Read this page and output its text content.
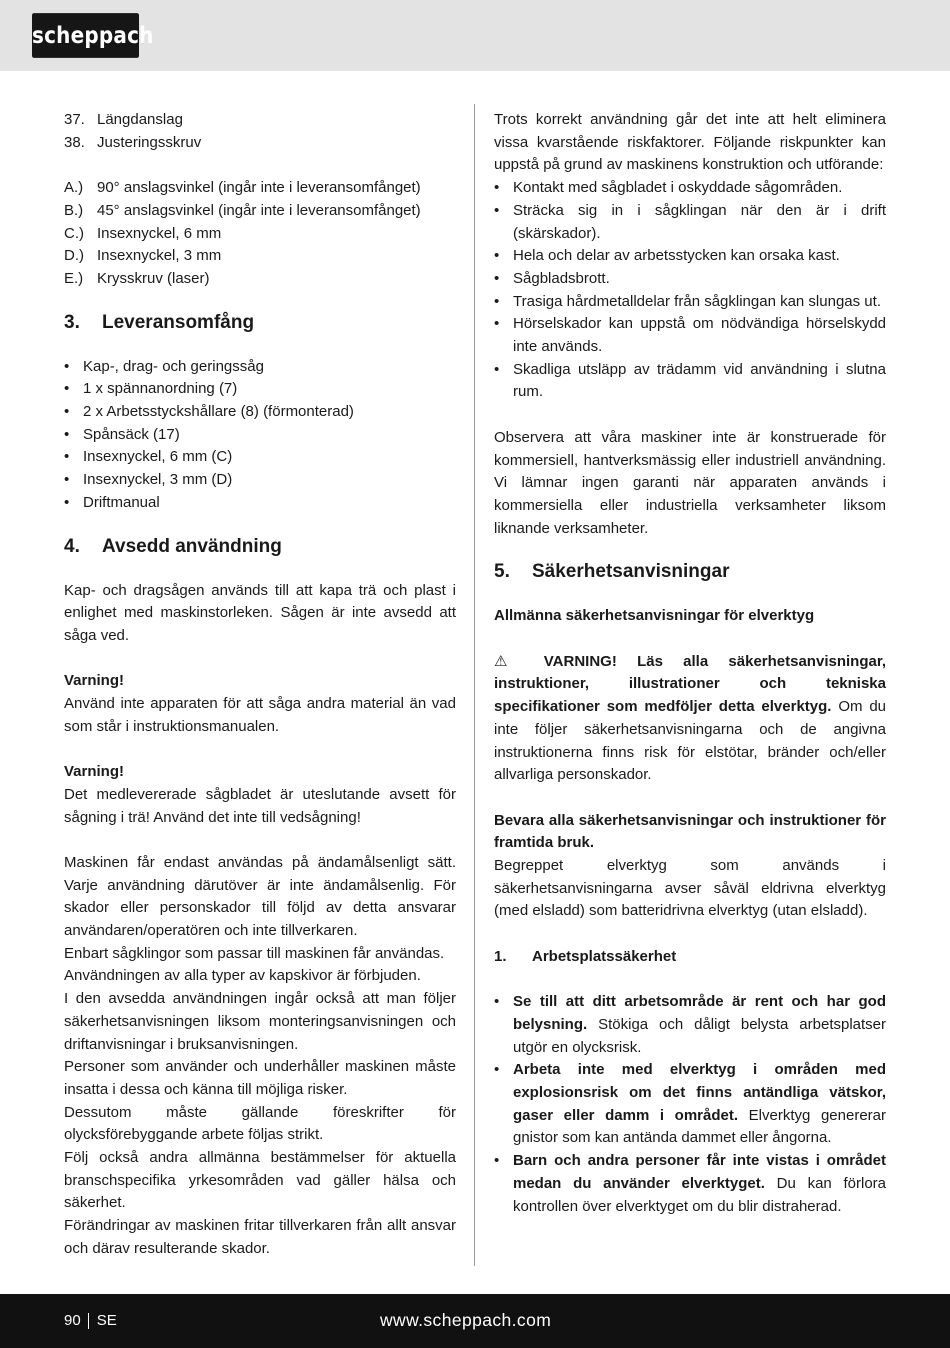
scheppach
37. Längdanslag
38. Justeringsskruv
A.) 90° anslagsvinkel (ingår inte i leveransomfånget)
B.) 45° anslagsvinkel (ingår inte i leveransomfånget)
C.) Insexnyckel, 6 mm
D.) Insexnyckel, 3 mm
E.) Krysskruv (laser)
3.	Leveransomfång
• Kap-, drag- och geringssåg
• 1 x spännanordning (7)
• 2 x Arbetsstyckshållare (8) (förmonterad)
• Spånsäck (17)
• Insexnyckel, 6 mm (C)
• Insexnyckel, 3 mm (D)
• Driftmanual
4.	Avsedd användning

Kap- och dragsågen används till att kapa trä och plast i enlighet med maskinstorleken. Sågen är inte avsedd att såga ved.

Varning!

Använd inte apparaten för att såga andra material än vad som står i instruktionsmanualen.

Varning!

Det medlevererade sågbladet är uteslutande avsett för sågning i trä! Använd det inte till vedsågning!

Maskinen får endast användas på ändamålsenligt sätt. Varje användning därutöver är inte ändamålsenlig. För skador eller personskador till följd av detta ansvarar användaren/operatören och inte tillverkaren.

Enbart sågklingor som passar till maskinen får användas.

Användningen av alla typer av kapskivor är förbjuden.

I den avsedda användningen ingår också att man följer säkerhetsanvisningen liksom monteringsanvisningen och driftanvisningar i bruksanvisningen.

Personer som använder och underhåller maskinen måste insatta i dessa och känna till möjliga risker.

Dessutom måste gällande föreskrifter för olycksförebyggande arbete följas strikt.

Följ också andra allmänna bestämmelser för aktuella branschspecifika yrkesområden vad gäller hälsa och säkerhet.

Förändringar av maskinen fritar tillverkaren från allt ansvar och därav resulterande skador.

Trots korrekt användning går det inte att helt eliminera vissa kvarstående riskfaktorer. Följande riskpunkter kan uppstå på grund av maskinens konstruktion och utförande:

• Kontakt med sågbladet i oskyddade sågområden.
• Sträcka sig in i sågklingan när den är i drift (skärskador).
• Hela och delar av arbetsstycken kan orsaka kast.
• Sågbladsbrott.
• Trasiga hårdmetalldelar från sågklingan kan slungas ut.
• Hörselskador kan uppstå om nödvändiga hörselskydd inte används.
• Skadliga utsläpp av trädamm vid användning i slutna rum.

Observera att våra maskiner inte är konstruerade för kommersiell, hantverksmässig eller industriell användning. Vi lämnar ingen garanti när apparaten används i kommersiella eller industriella verksamheter liksom liknande verksamheter.

5.	Säkerhetsanvisningar

Allmänna säkerhetsanvisningar för elverktyg

⚠ VARNING! Läs alla säkerhetsanvisningar, instruktioner, illustrationer och tekniska specifikationer som medföljer detta elverktyg. Om du inte följer säkerhetsanvisningarna och de angivna instruktionerna finns risk för elstötar, bränder och/eller allvarliga personskador.

Bevara alla säkerhetsanvisningar och instruktioner för framtida bruk.

Begreppet elverktyg som används i säkerhetsanvisningarna avser såväl eldrivna elverktyg (med elsladd) som batteridrivna elverktyg (utan elsladd).

1.	Arbetsplatssäkerhet
• Se till att ditt arbetsområde är rent och har god belysning. Stökiga och dåligt belysta arbetsplatser utgör en olycksrisk.
• Arbeta inte med elverktyg i områden med explosionsrisk om det finns antändliga vätskor, gaser eller damm i området. Elverktyg genererar gnistor som kan antända dammet eller ångorna.
• Barn och andra personer får inte vistas i området medan du använder elverktyget. Du kan förlora kontrollen över elverktyget om du blir distraherad.
90 SE	www.scheppach.com
